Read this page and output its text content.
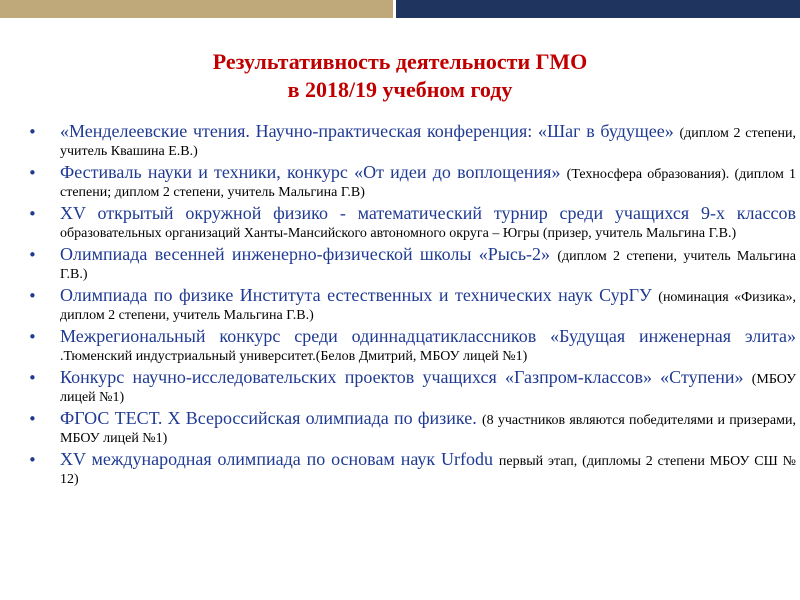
Результативность деятельности ГМО
в 2018/19 учебном году
• «Менделеевские чтения. Научно-практическая конференция: «Шаг в будущее» (диплом 2 степени, учитель Квашина Е.В.)
• Фестиваль науки и техники, конкурс «От идеи до воплощения» (Техносфера образования). (диплом 1 степени; диплом 2 степени, учитель Мальгина Г.В)
• XV открытый окружной физико - математический турнир среди учащихся 9-х классов образовательных организаций Ханты-Мансийского автономного округа – Югры (призер, учитель Мальгина Г.В.)
• Олимпиада весенней инженерно-физической школы «Рысь-2» (диплом 2 степени, учитель Мальгина Г.В.)
• Олимпиада по физике Института естественных и технических наук СурГУ (номинация «Физика», диплом 2 степени, учитель Мальгина Г.В.)
• Межрегиональный конкурс среди одиннадцатиклассников «Будущая инженерная элита» .Тюменский индустриальный университет.(Белов Дмитрий, МБОУ лицей №1)
• Конкурс научно-исследовательских проектов учащихся «Газпром-классов» «Ступени» (МБОУ лицей №1)
• ФГОС ТЕСТ. X Всероссийская олимпиада по физике. (8 участников являются победителями и призерами, МБОУ лицей №1)
• XV международная олимпиада по основам наук Urfodu первый этап, (дипломы 2 степени МБОУ СШ № 12)
